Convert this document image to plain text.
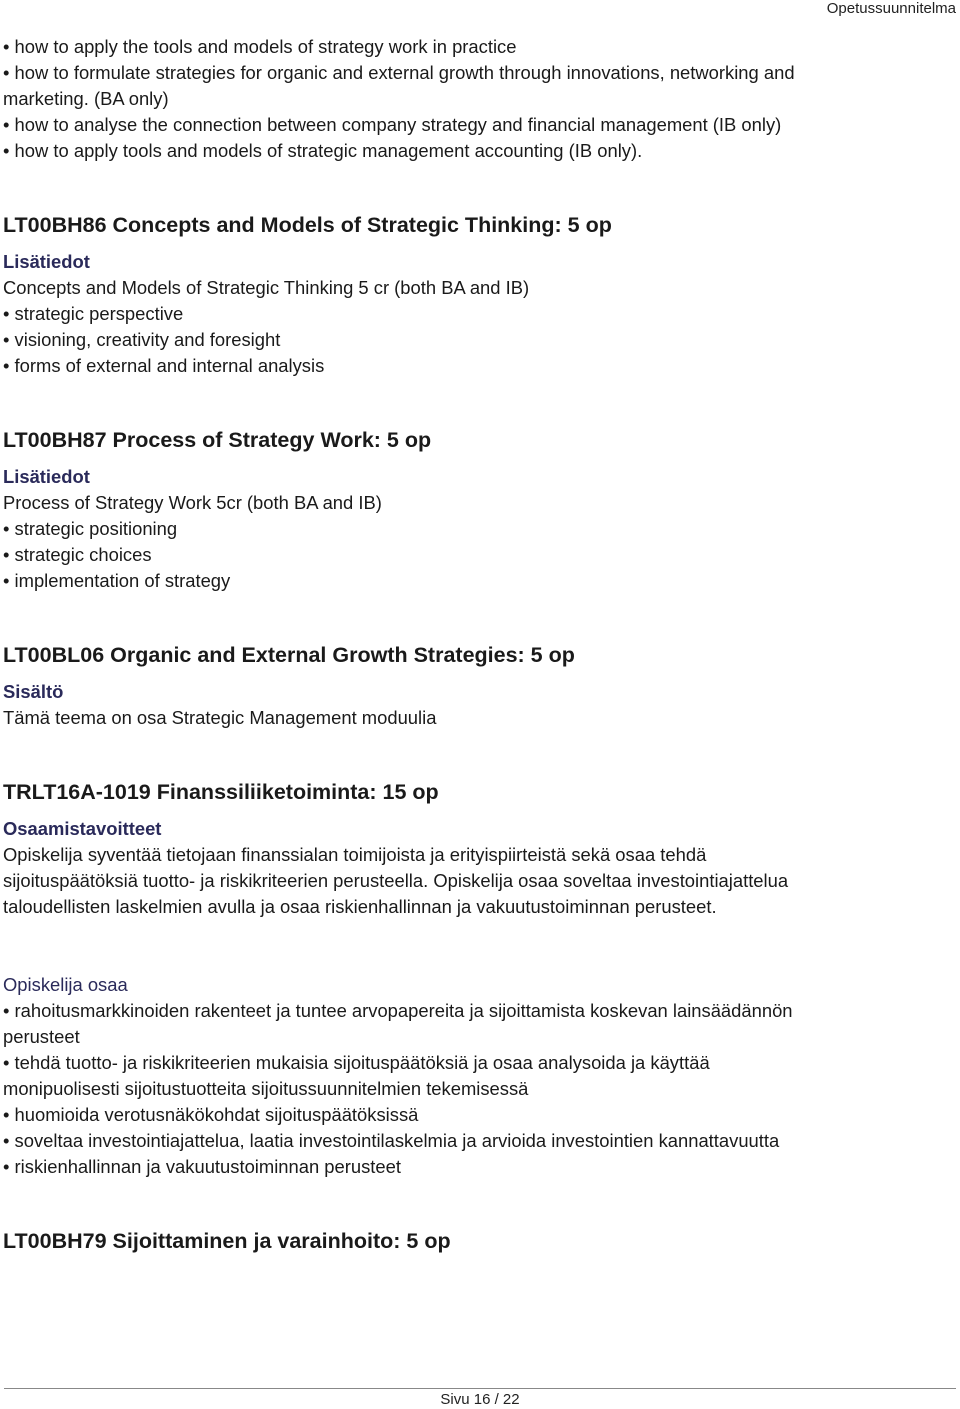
Opetussuunnitelma
• how to apply the tools and models of strategy work in practice
• how to formulate strategies for organic and external growth through innovations, networking and
marketing. (BA only)
• how to analyse the connection between company strategy and financial management (IB only)
• how to apply tools and models of strategic management accounting (IB only).
LT00BH86 Concepts and Models of Strategic Thinking: 5 op
Lisätiedot
Concepts and Models of Strategic Thinking 5 cr (both BA and IB)
• strategic perspective
• visioning, creativity and foresight
• forms of external and internal analysis
LT00BH87 Process of Strategy Work: 5 op
Lisätiedot
Process of Strategy Work 5cr (both BA and IB)
• strategic positioning
• strategic choices
• implementation of strategy
LT00BL06 Organic and External Growth Strategies: 5 op
Sisältö
Tämä teema on osa Strategic Management moduulia
TRLT16A-1019 Finanssiliiketoiminta: 15 op
Osaamistavoitteet
Opiskelija syventää tietojaan finanssialan toimijoista ja erityispiirteistä sekä osaa tehdä
sijoituspäätöksiä tuotto- ja riskikriteerien perusteella. Opiskelija osaa soveltaa investointiajattelua
taloudellisten laskelmien avulla ja osaa riskienhallinnan ja vakuutustoiminnan perusteet.
Opiskelija osaa
• rahoitusmarkkinoiden rakenteet ja tuntee arvopapereita ja sijoittamista koskevan lainsäädännön
perusteet
• tehdä tuotto- ja riskikriteerien mukaisia sijoituspäätöksiä ja osaa analysoida ja käyttää
monipuolisesti sijoitustuotteita sijoitussuunnitelmien tekemisessä
• huomioida verotusnäkökohdat sijoituspäätöksissä
• soveltaa investointiajattelua, laatia investointilaskelmia ja arvioida investointien kannattavuutta
• riskienhallinnan ja vakuutustoiminnan perusteet
LT00BH79 Sijoittaminen ja varainhoito: 5 op
Sivu 16 / 22
